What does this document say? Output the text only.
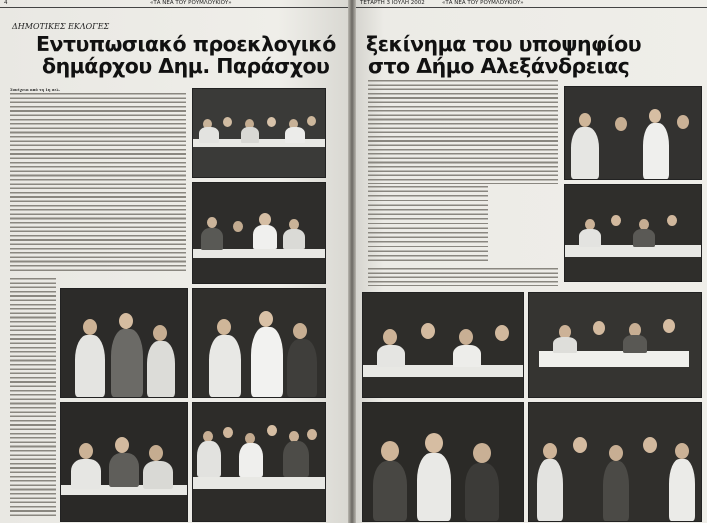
4	«ΤΑ ΝΕΑ ΤΟΥ ΡΟΥΜΛΟΥΚΙΟΥ»
ΔΗΜΟΤΙΚΕΣ ΕΚΛΟΓΕΣ
Εντυπωσιακό προεκλογικό
δημάρχου Δημ. Παράσχου

Συνέχεια από τη 1η σελ.

«ΤΑ ΝΕΑ ΤΟΥ ΡΟΥΜΛΟΥΚΙΟΥ»
ΤΕΤΑΡΤΗ 3 ΙΟΥΛΗ 2002
ξεκίνημα του υποψηφίου
στο Δήμο Αλεξάνδρειας
